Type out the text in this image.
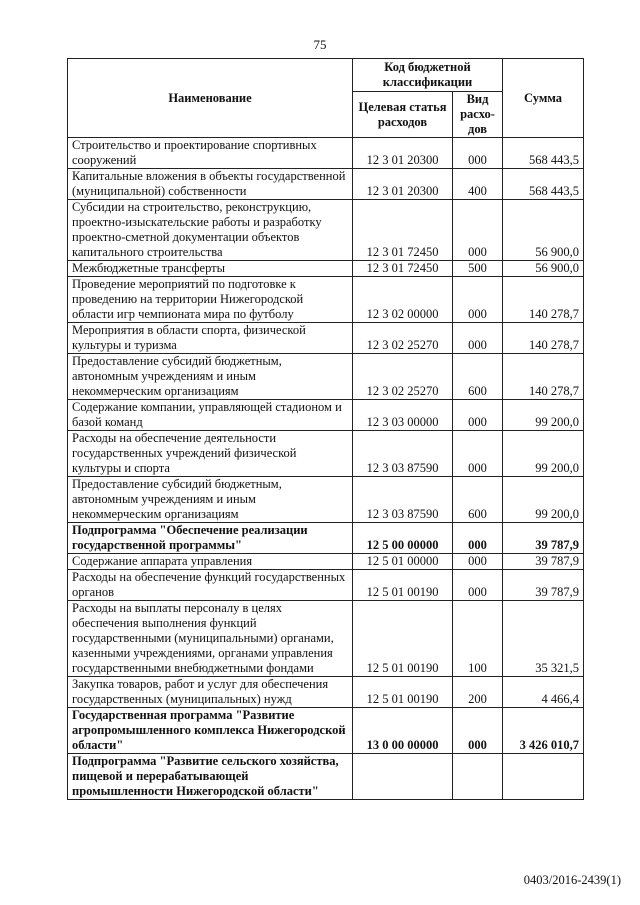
75
Наименование	Код бюджетной классификации		Сумма
	Целевая статья расходов	Вид расхо-дов	
Строительство и проектирование спортивных сооружений	12 3 01 20300	000	568 443,5
Капитальные вложения в объекты государственной (муниципальной) собственности	12 3 01 20300	400	568 443,5
Субсидии на строительство, реконструкцию, проектно-изыскательские работы и разработку проектно-сметной документации объектов капитального строительства	12 3 01 72450	000	56 900,0
Межбюджетные трансферты	12 3 01 72450	500	56 900,0
Проведение мероприятий по подготовке к проведению на территории Нижегородской области игр чемпионата мира по футболу	12 3 02 00000	000	140 278,7
Мероприятия в области спорта, физической культуры и туризма	12 3 02 25270	000	140 278,7
Предоставление субсидий бюджетным, автономным учреждениям и иным некоммерческим организациям	12 3 02 25270	600	140 278,7
Содержание компании, управляющей стадионом и базой команд	12 3 03 00000	000	99 200,0
Расходы на обеспечение деятельности государственных учреждений физической культуры и спорта	12 3 03 87590	000	99 200,0
Предоставление субсидий бюджетным, автономным учреждениям и иным некоммерческим организациям	12 3 03 87590	600	99 200,0
Подпрограмма "Обеспечение реализации государственной программы"	12 5 00 00000	000	39 787,9
Содержание аппарата управления	12 5 01 00000	000	39 787,9
Расходы на обеспечение функций государственных органов	12 5 01 00190	000	39 787,9
Расходы на выплаты персоналу в целях обеспечения выполнения функций государственными (муниципальными) органами, казенными учреждениями, органами управления государственными внебюджетными фондами	12 5 01 00190	100	35 321,5
Закупка товаров, работ и услуг для обеспечения государственных (муниципальных) нужд	12 5 01 00190	200	4 466,4
Государственная программа "Развитие агропромышленного комплекса Нижегородской области"	13 0 00 00000	000	3 426 010,7
Подпрограмма "Развитие сельского хозяйства, пищевой и перерабатывающей промышленности Нижегородской области"			
0403/2016-2439(1)
